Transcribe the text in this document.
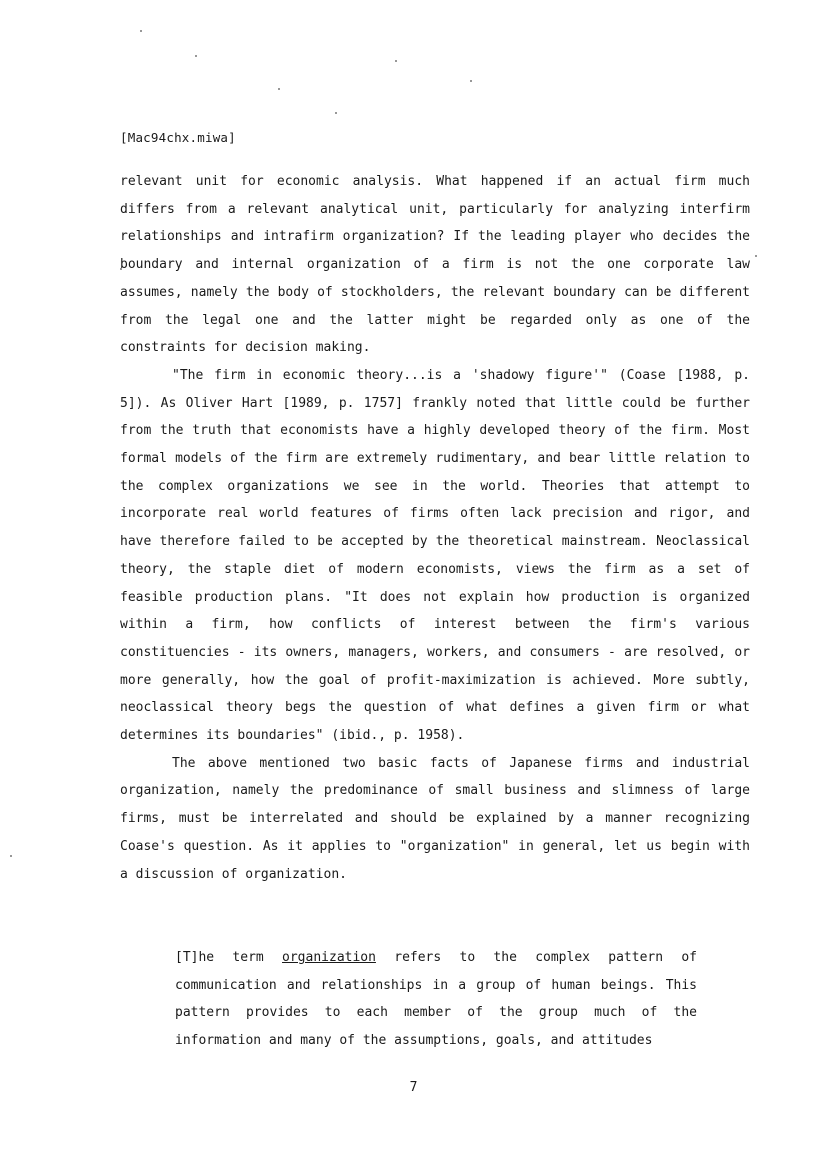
[Mac94chx.miwa]

relevant unit for economic analysis. What happened if an actual firm much differs from a relevant analytical unit, particularly for analyzing interfirm relationships and intrafirm organization? If the leading player who decides the boundary and internal organization of a firm is not the one corporate law assumes, namely the body of stockholders, the relevant boundary can be different from the legal one and the latter might be regarded only as one of the constraints for decision making.

"The firm in economic theory...is a 'shadowy figure'" (Coase [1988, p. 5]). As Oliver Hart [1989, p. 1757] frankly noted that little could be further from the truth that economists have a highly developed theory of the firm. Most formal models of the firm are extremely rudimentary, and bear little relation to the complex organizations we see in the world. Theories that attempt to incorporate real world features of firms often lack precision and rigor, and have therefore failed to be accepted by the theoretical mainstream. Neoclassical theory, the staple diet of modern economists, views the firm as a set of feasible production plans. "It does not explain how production is organized within a firm, how conflicts of interest between the firm's various constituencies - its owners, managers, workers, and consumers - are resolved, or more generally, how the goal of profit-maximization is achieved. More subtly, neoclassical theory begs the question of what defines a given firm or what determines its boundaries" (ibid., p. 1958).

The above mentioned two basic facts of Japanese firms and industrial organization, namely the predominance of small business and slimness of large firms, must be interrelated and should be explained by a manner recognizing Coase's question. As it applies to "organization" in general, let us begin with a discussion of organization.

[T]he term organization refers to the complex pattern of communication and relationships in a group of human beings. This pattern provides to each member of the group much of the information and many of the assumptions, goals, and attitudes

7
